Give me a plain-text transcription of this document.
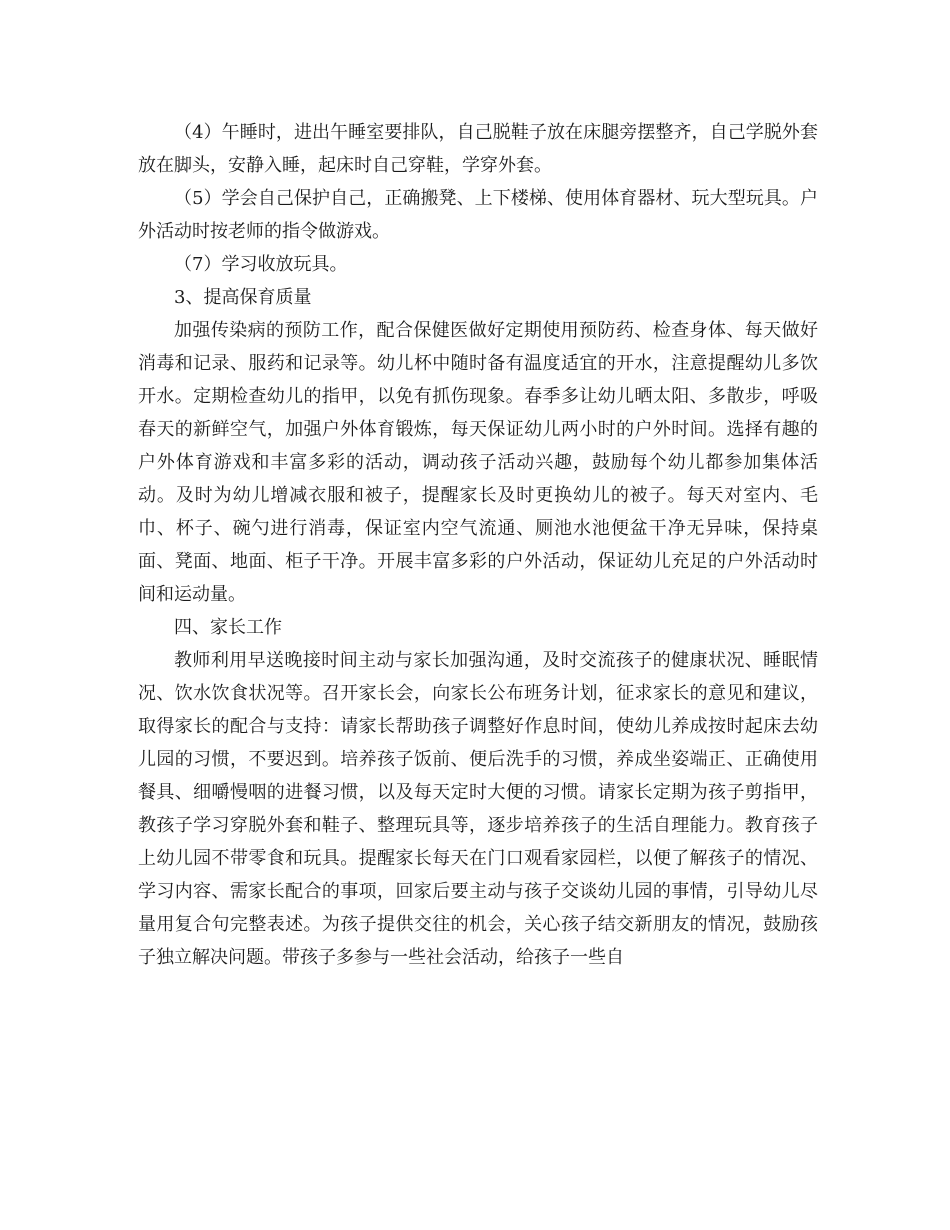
（4）午睡时，进出午睡室要排队，自己脱鞋子放在床腿旁摆整齐，自己学脱外套放在脚头，安静入睡，起床时自己穿鞋，学穿外套。

（5）学会自己保护自己，正确搬凳、上下楼梯、使用体育器材、玩大型玩具。户外活动时按老师的指令做游戏。

（7）学习收放玩具。

3、提高保育质量

加强传染病的预防工作，配合保健医做好定期使用预防药、检查身体、每天做好消毒和记录、服药和记录等。幼儿杯中随时备有温度适宜的开水，注意提醒幼儿多饮开水。定期检查幼儿的指甲，以免有抓伤现象。春季多让幼儿晒太阳、多散步，呼吸春天的新鲜空气，加强户外体育锻炼，每天保证幼儿两小时的户外时间。选择有趣的户外体育游戏和丰富多彩的活动，调动孩子活动兴趣，鼓励每个幼儿都参加集体活动。及时为幼儿增减衣服和被子，提醒家长及时更换幼儿的被子。每天对室内、毛巾、杯子、碗勺进行消毒，保证室内空气流通、厕池水池便盆干净无异味，保持桌面、凳面、地面、柜子干净。开展丰富多彩的户外活动，保证幼儿充足的户外活动时间和运动量。

四、家长工作

教师利用早送晚接时间主动与家长加强沟通，及时交流孩子的健康状况、睡眠情况、饮水饮食状况等。召开家长会，向家长公布班务计划，征求家长的意见和建议，取得家长的配合与支持：请家长帮助孩子调整好作息时间，使幼儿养成按时起床去幼儿园的习惯，不要迟到。培养孩子饭前、便后洗手的习惯，养成坐姿端正、正确使用餐具、细嚼慢咽的进餐习惯，以及每天定时大便的习惯。请家长定期为孩子剪指甲，教孩子学习穿脱外套和鞋子、整理玩具等，逐步培养孩子的生活自理能力。教育孩子上幼儿园不带零食和玩具。提醒家长每天在门口观看家园栏，以便了解孩子的情况、学习内容、需家长配合的事项，回家后要主动与孩子交谈幼儿园的事情，引导幼儿尽量用复合句完整表述。为孩子提供交往的机会，关心孩子结交新朋友的情况，鼓励孩子独立解决问题。带孩子多参与一些社会活动，给孩子一些自
